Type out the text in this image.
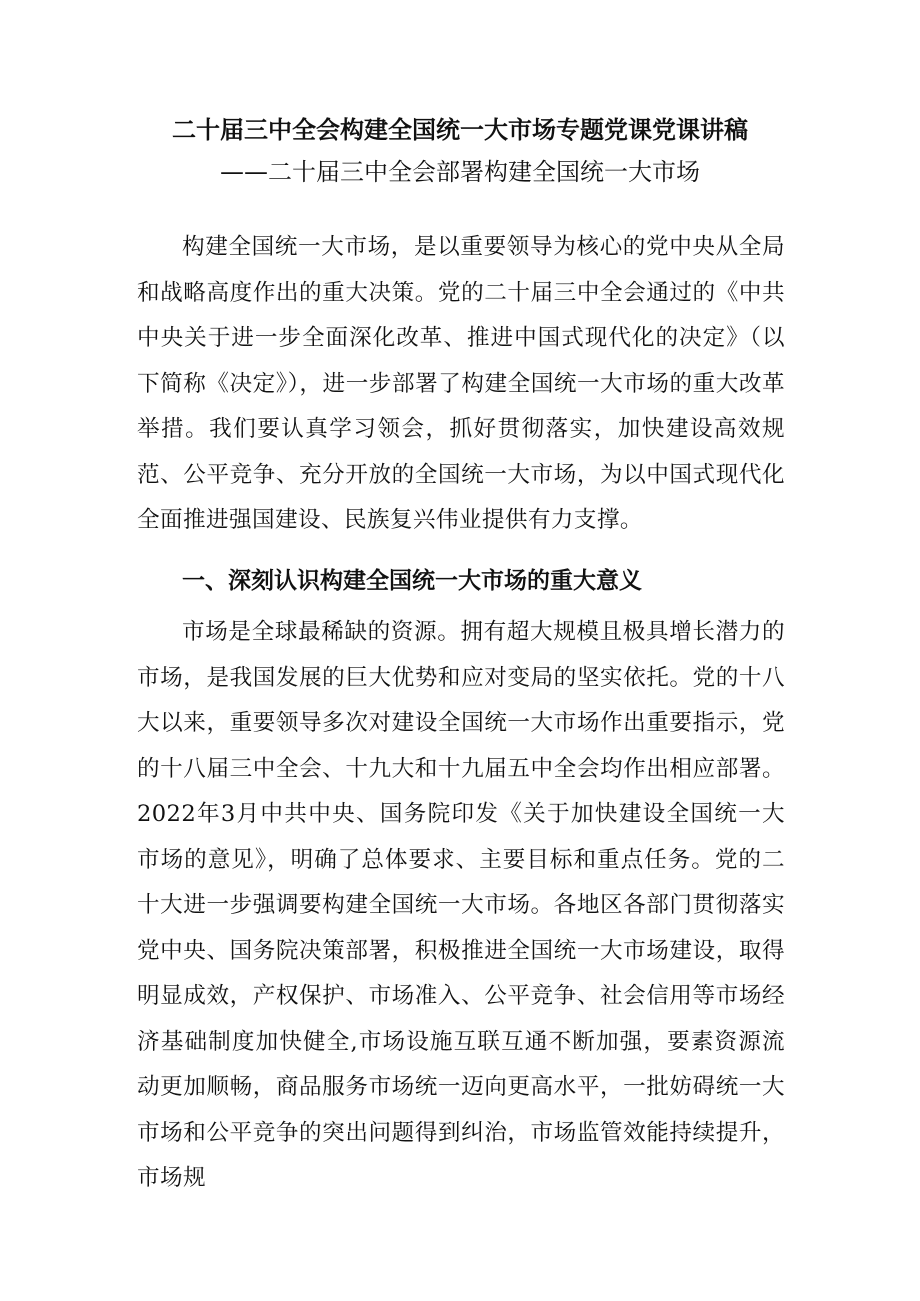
二十届三中全会构建全国统一大市场专题党课党课讲稿
——二十届三中全会部署构建全国统一大市场

构建全国统一大市场，是以重要领导为核心的党中央从全局和战略高度作出的重大决策。党的二十届三中全会通过的《中共中央关于进一步全面深化改革、推进中国式现代化的决定》（以下简称《决定》），进一步部署了构建全国统一大市场的重大改革举措。我们要认真学习领会，抓好贯彻落实，加快建设高效规范、公平竞争、充分开放的全国统一大市场，为以中国式现代化全面推进强国建设、民族复兴伟业提供有力支撑。

一、深刻认识构建全国统一大市场的重大意义

市场是全球最稀缺的资源。拥有超大规模且极具增长潜力的市场，是我国发展的巨大优势和应对变局的坚实依托。党的十八大以来，重要领导多次对建设全国统一大市场作出重要指示，党的十八届三中全会、十九大和十九届五中全会均作出相应部署。2022年3月中共中央、国务院印发《关于加快建设全国统一大市场的意见》，明确了总体要求、主要目标和重点任务。党的二十大进一步强调要构建全国统一大市场。各地区各部门贯彻落实党中央、国务院决策部署，积极推进全国统一大市场建设，取得明显成效，产权保护、市场准入、公平竞争、社会信用等市场经济基础制度加快健全,市场设施互联互通不断加强，要素资源流动更加顺畅，商品服务市场统一迈向更高水平，一批妨碍统一大市场和公平竞争的突出问题得到纠治，市场监管效能持续提升，市场规
